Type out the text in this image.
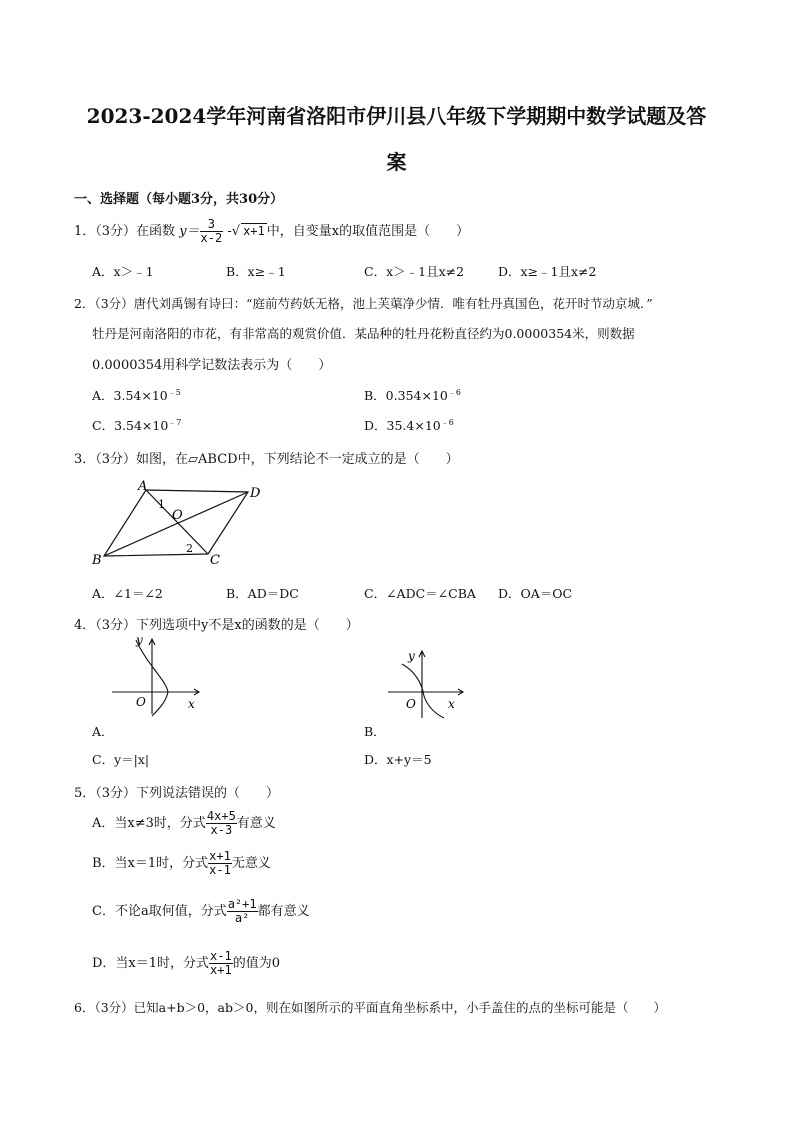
2023-2024学年河南省洛阳市伊川县八年级下学期期中数学试题及答
案
一、选择题（每小题3分，共30分）
1．（3分）在函数 $y= \frac{3}{x-2}$ -√ x+1 中，自变量x的取值范围是（　　）
A．x＞﹣1	B．x≥﹣1	C．x＞﹣1且x≠2	D．x≥﹣1且x≠2
2．（3分）唐代刘禹锡有诗曰：“庭前芍药妖无格，池上芙蕖净少情．唯有牡丹真国色，花开时节动京城．”
牡丹是河南洛阳的市花，有非常高的观赏价值．某品种的牡丹花粉直径约为0.0000354米，则数据
0.0000354用科学记数法表示为（　　）
A．$3.54\times 10^{﹣5}$	B．$0.354\times 10^{﹣6}$
C．$3.54\times 10^{﹣7}$	D．$35.4\times 10^{﹣6}$
3．（3分）如图，在▱ABCD中，下列结论不一定成立的是（　　）
A	D
B	C
O
1
2
A．∠1＝∠2	B．AD＝DC	C．∠ADC＝∠CBA D．OA＝OC
4．（3分）下列选项中y不是x的函数的是（　　）
y
O	x
A．
y
O	x
B．
C．y＝|x|	D．x+y＝5
5．（3分）下列说法错误的（　　）
A．当x≠3时，分式 $\frac{4x+5}{x-3}$ 有意义
B．当x＝1时，分式 $\frac{x+1}{x-1}$ 无意义
C．不论a取何值，分式 $\frac{\text{a²+1}}{\text{a²}}$ 都有意义
D．当x＝1时，分式 $\frac{x-1}{x+1}$ 的值为0
6．（3分）已知a+b＞0，ab＞0，则在如图所示的平面直角坐标系中，小手盖住的点的坐标可能是（　　）
